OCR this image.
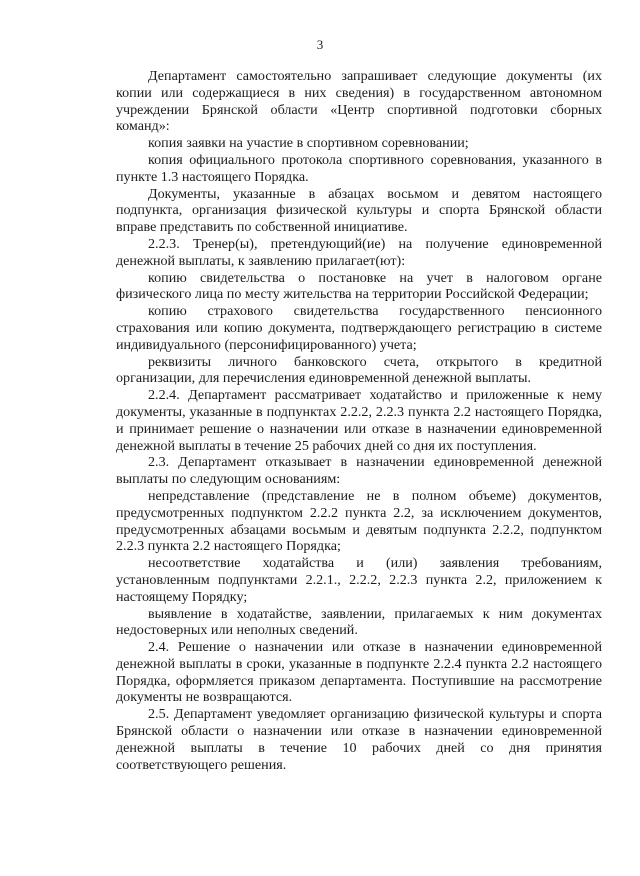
3

Департамент самостоятельно запрашивает следующие документы (их копии или содержащиеся в них сведения) в государственном автономном учреждении Брянской области «Центр спортивной подготовки сборных команд»:

копия заявки на участие в спортивном соревновании;

копия официального протокола спортивного соревнования, указанного в пункте 1.3 настоящего Порядка.

Документы, указанные в абзацах восьмом и девятом настоящего подпункта, организация физической культуры и спорта Брянской области вправе представить по собственной инициативе.

2.2.3. Тренер(ы), претендующий(ие) на получение единовременной денежной выплаты, к заявлению прилагает(ют):

копию свидетельства о постановке на учет в налоговом органе физического лица по месту жительства на территории Российской Федерации;

копию страхового свидетельства государственного пенсионного страхования или копию документа, подтверждающего регистрацию в системе индивидуального (персонифицированного) учета;

реквизиты личного банковского счета, открытого в кредитной организации, для перечисления единовременной денежной выплаты.

2.2.4. Департамент рассматривает ходатайство и приложенные к нему документы, указанные в подпунктах 2.2.2, 2.2.3 пункта 2.2 настоящего Порядка, и принимает решение о назначении или отказе в назначении единовременной денежной выплаты в течение 25 рабочих дней со дня их поступления.

2.3. Департамент отказывает в назначении единовременной денежной выплаты по следующим основаниям:

непредставление (представление не в полном объеме) документов, предусмотренных подпунктом 2.2.2 пункта 2.2, за исключением документов, предусмотренных абзацами восьмым и девятым подпункта 2.2.2, подпунктом 2.2.3 пункта 2.2 настоящего Порядка;

несоответствие ходатайства и (или) заявления требованиям, установленным подпунктами 2.2.1., 2.2.2, 2.2.3 пункта 2.2, приложением к настоящему Порядку;

выявление в ходатайстве, заявлении, прилагаемых к ним документах недостоверных или неполных сведений.

2.4. Решение о назначении или отказе в назначении единовременной денежной выплаты в сроки, указанные в подпункте 2.2.4 пункта 2.2 настоящего Порядка, оформляется приказом департамента. Поступившие на рассмотрение документы не возвращаются.

2.5. Департамент уведомляет организацию физической культуры и спорта Брянской области о назначении или отказе в назначении единовременной денежной выплаты в течение 10 рабочих дней со дня принятия соответствующего решения.
